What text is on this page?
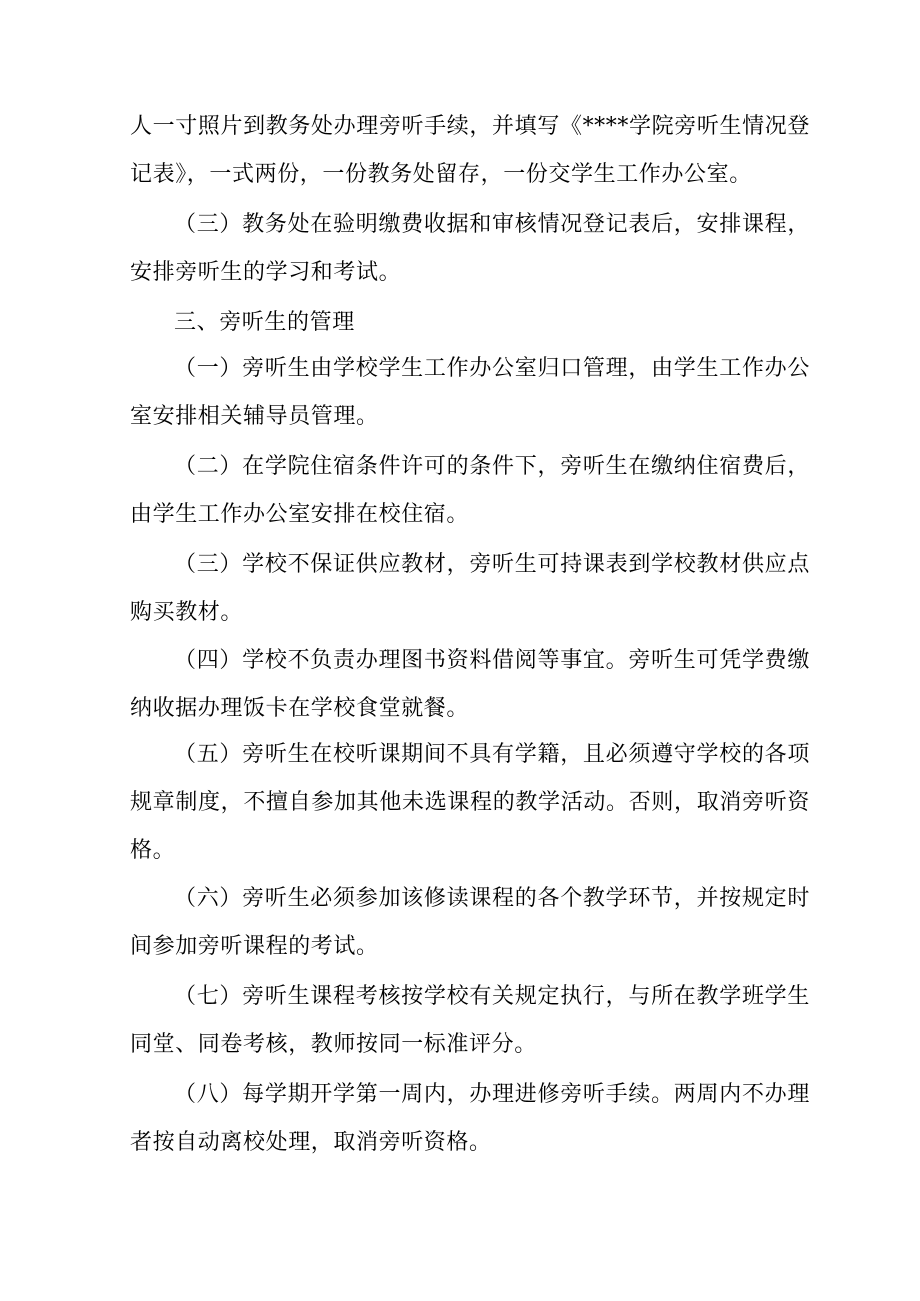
人一寸照片到教务处办理旁听手续，并填写《****学院旁听生情况登记表》，一式两份，一份教务处留存，一份交学生工作办公室。

（三）教务处在验明缴费收据和审核情况登记表后，安排课程，安排旁听生的学习和考试。

三、旁听生的管理

（一）旁听生由学校学生工作办公室归口管理，由学生工作办公室安排相关辅导员管理。

（二）在学院住宿条件许可的条件下，旁听生在缴纳住宿费后，由学生工作办公室安排在校住宿。

（三）学校不保证供应教材，旁听生可持课表到学校教材供应点购买教材。

（四）学校不负责办理图书资料借阅等事宜。旁听生可凭学费缴纳收据办理饭卡在学校食堂就餐。

（五）旁听生在校听课期间不具有学籍，且必须遵守学校的各项规章制度，不擅自参加其他未选课程的教学活动。否则，取消旁听资格。

（六）旁听生必须参加该修读课程的各个教学环节，并按规定时间参加旁听课程的考试。

（七）旁听生课程考核按学校有关规定执行，与所在教学班学生同堂、同卷考核，教师按同一标准评分。

（八）每学期开学第一周内，办理进修旁听手续。两周内不办理者按自动离校处理，取消旁听资格。
